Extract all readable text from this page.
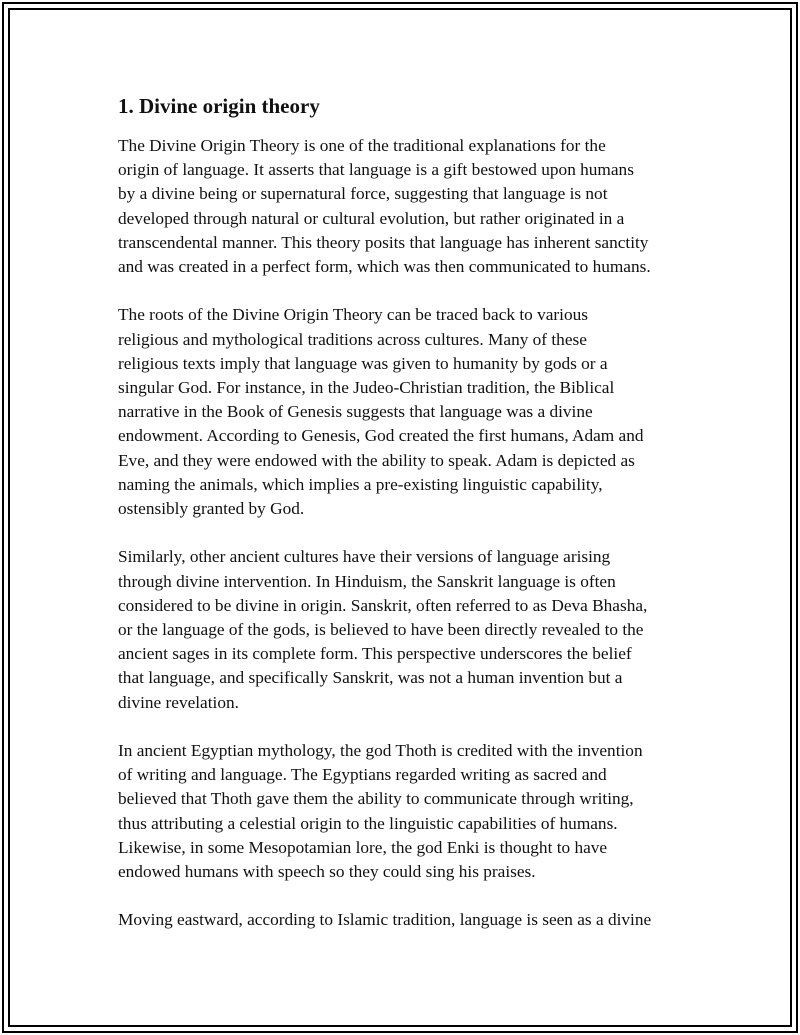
1. Divine origin theory
The Divine Origin Theory is one of the traditional explanations for the
origin of language. It asserts that language is a gift bestowed upon humans
by a divine being or supernatural force, suggesting that language is not
developed through natural or cultural evolution, but rather originated in a
transcendental manner. This theory posits that language has inherent sanctity
and was created in a perfect form, which was then communicated to humans.
The roots of the Divine Origin Theory can be traced back to various
religious and mythological traditions across cultures. Many of these
religious texts imply that language was given to humanity by gods or a
singular God. For instance, in the Judeo-Christian tradition, the Biblical
narrative in the Book of Genesis suggests that language was a divine
endowment. According to Genesis, God created the first humans, Adam and
Eve, and they were endowed with the ability to speak. Adam is depicted as
naming the animals, which implies a pre-existing linguistic capability,
ostensibly granted by God.
Similarly, other ancient cultures have their versions of language arising
through divine intervention. In Hinduism, the Sanskrit language is often
considered to be divine in origin. Sanskrit, often referred to as Deva Bhasha,
or the language of the gods, is believed to have been directly revealed to the
ancient sages in its complete form. This perspective underscores the belief
that language, and specifically Sanskrit, was not a human invention but a
divine revelation.
In ancient Egyptian mythology, the god Thoth is credited with the invention
of writing and language. The Egyptians regarded writing as sacred and
believed that Thoth gave them the ability to communicate through writing,
thus attributing a celestial origin to the linguistic capabilities of humans.
Likewise, in some Mesopotamian lore, the god Enki is thought to have
endowed humans with speech so they could sing his praises.
Moving eastward, according to Islamic tradition, language is seen as a divine
